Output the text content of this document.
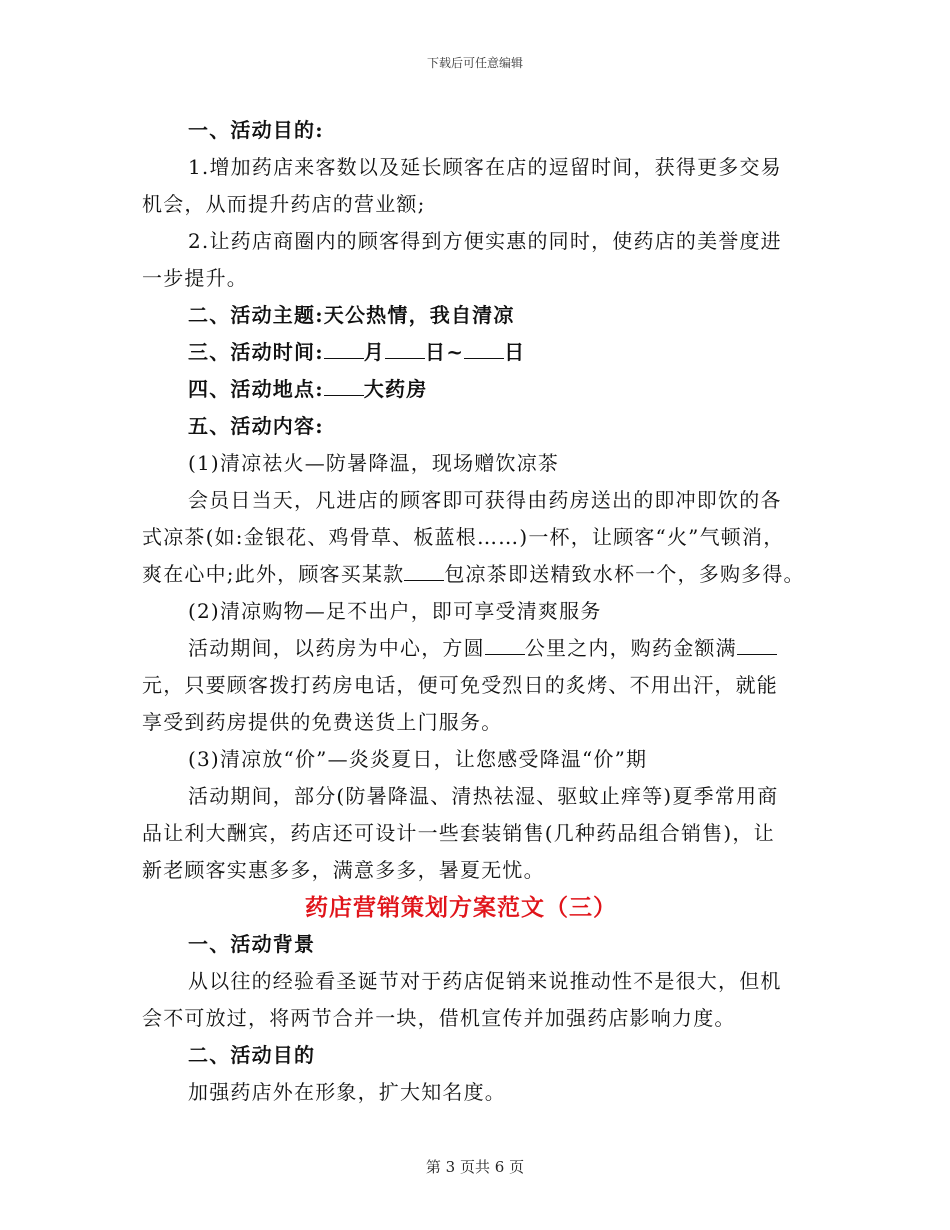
下载后可任意编辑
一、活动目的:
1.增加药店来客数以及延长顾客在店的逗留时间，获得更多交易
机会，从而提升药店的营业额;
2.让药店商圈内的顾客得到方便实惠的同时，使药店的美誉度进
一步提升。
二、活动主题:天公热情，我自清凉
三、活动时间: 月 日~ 日
四、活动地点: 大药房
五、活动内容:
(1)清凉祛火—防暑降温，现场赠饮凉茶
会员日当天，凡进店的顾客即可获得由药房送出的即冲即饮的各
式凉茶(如:金银花、鸡骨草、板蓝根……)一杯，让顾客“火”气顿消，
爽在心中;此外，顾客买某款 包凉茶即送精致水杯一个，多购多得。
(2)清凉购物—足不出户，即可享受清爽服务
活动期间，以药房为中心，方圆 公里之内，购药金额满
元，只要顾客拨打药房电话，便可免受烈日的炙烤、不用出汗，就能
享受到药房提供的免费送货上门服务。
(3)清凉放“价”—炎炎夏日，让您感受降温“价”期
活动期间，部分(防暑降温、清热祛湿、驱蚊止痒等)夏季常用商
品让利大酬宾，药店还可设计一些套装销售(几种药品组合销售)，让
新老顾客实惠多多，满意多多，暑夏无忧。
药店营销策划方案范文（三）
一、活动背景
从以往的经验看圣诞节对于药店促销来说推动性不是很大，但机
会不可放过，将两节合并一块，借机宣传并加强药店影响力度。
二、活动目的
加强药店外在形象，扩大知名度。
第 3 页共 6 页
